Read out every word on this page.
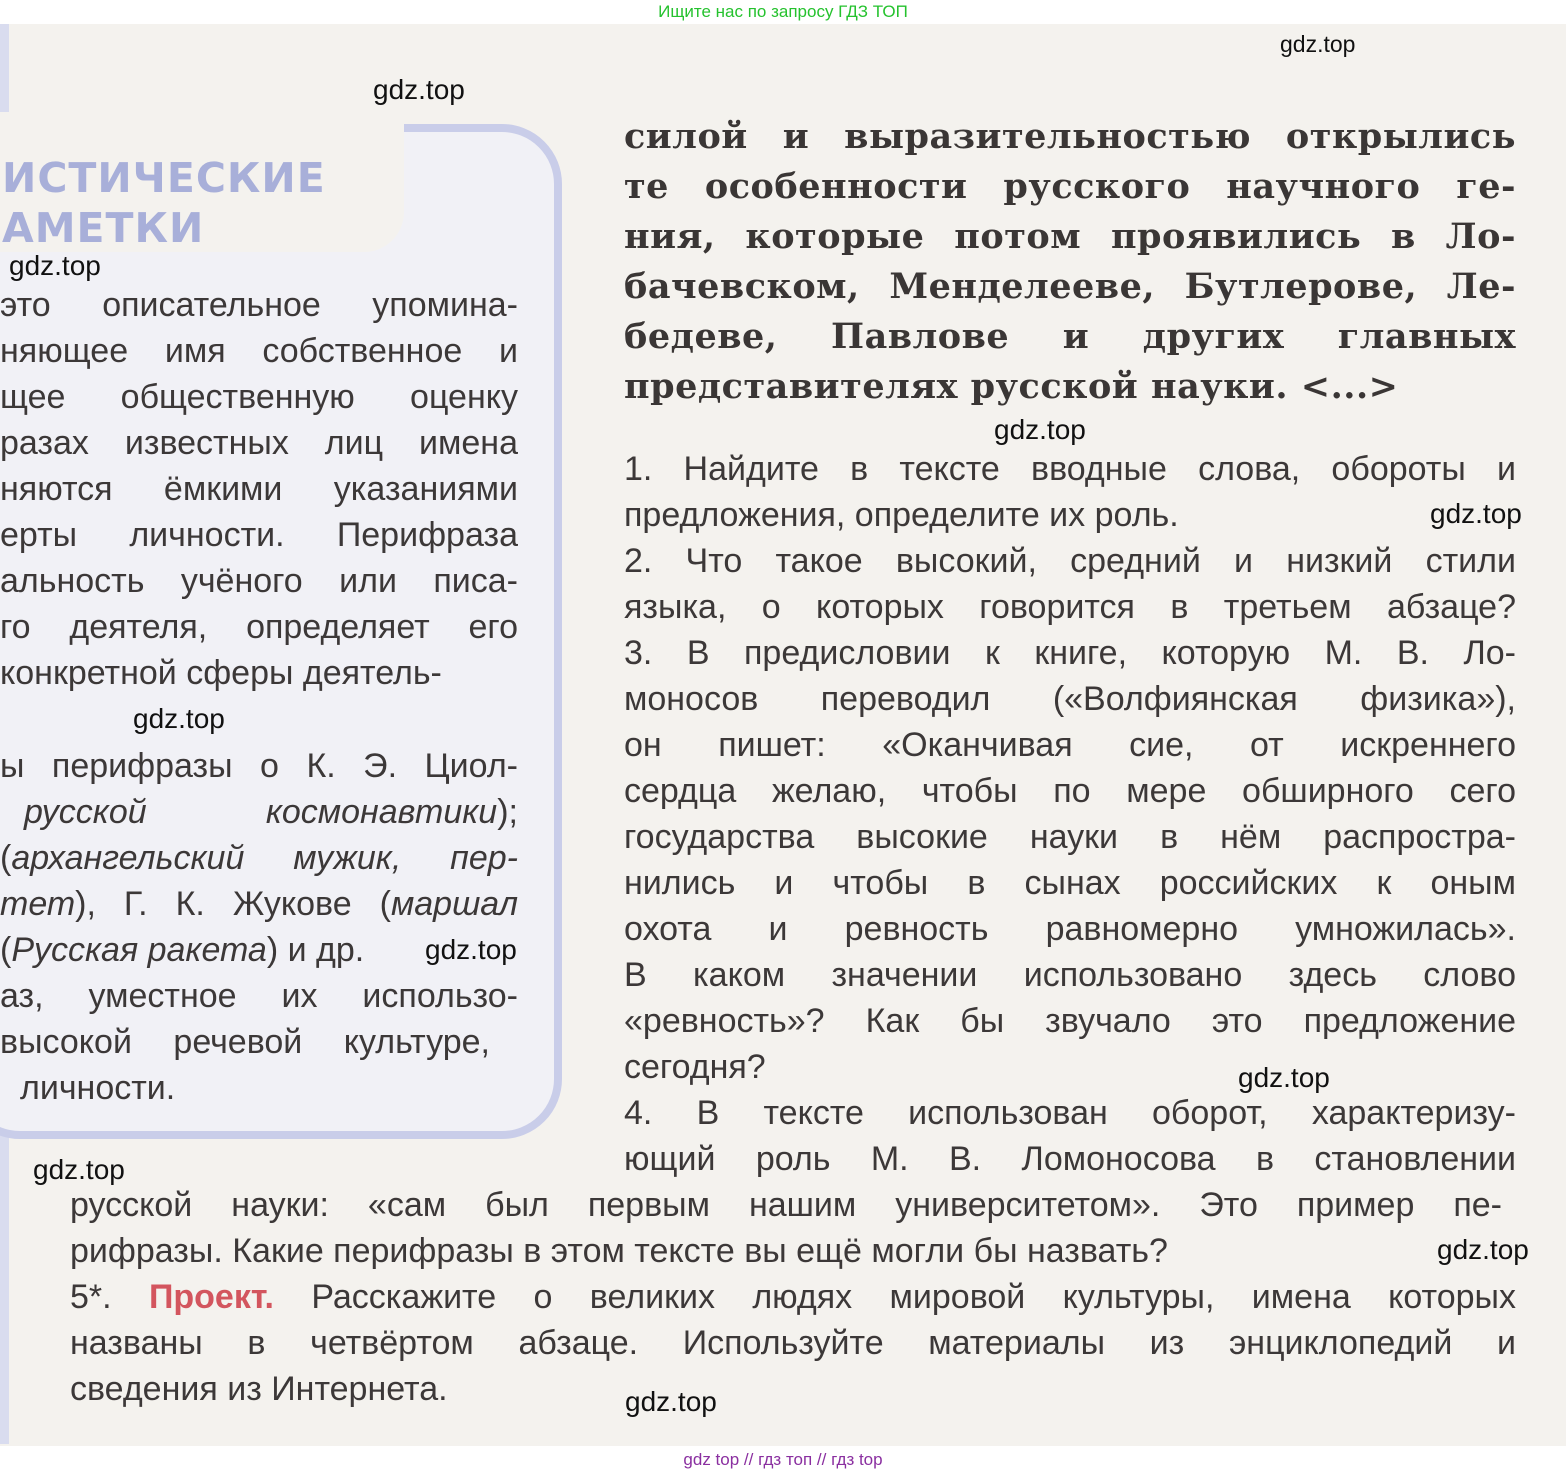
Ищите нас по запросу ГДЗ ТОП
ИСТИЧЕСКИЕ
АМЕТКИ
это описательное упомина-
няющее имя собственное и
щее общественную оценку
разах известных лиц имена
няются ёмкими указаниями
ерты личности. Перифраза
альность учёного или писа-
го деятеля, определяет его
конкретной сферы деятель-
ы перифразы о К. Э. Циол-
русской космонавтики);
(архангельский мужик, пер-
тет), Г. К. Жукове (маршал
(Русская ракета) и др.
аз, уместное их использо-
высокой речевой культуре,
личности.
силой и выразительностью открылись
те особенности русского научного ге-
ния, которые потом проявились в Ло-
бачевском, Менделееве, Бутлерове, Ле-
бедеве, Павлове и других главных
представителях русской науки. <...>
1. Найдите в тексте вводные слова, обороты и
предложения, определите их роль.
2. Что такое высокий, средний и низкий стили
языка, о которых говорится в третьем абзаце?
3. В предисловии к книге, которую М. В. Ло-
моносов переводил («Волфиянская физика»),
он пишет: «Оканчивая сие, от искреннего
сердца желаю, чтобы по мере обширного сего
государства высокие науки в нём распростра-
нились и чтобы в сынах российских к оным
охота и ревность равномерно умножилась».
В каком значении использовано здесь слово
«ревность»? Как бы звучало это предложение
сегодня?
4. В тексте использован оборот, характеризу-
ющий роль М. В. Ломоносова в становлении
русской науки: «сам был первым нашим университетом». Это пример пе-
рифразы. Какие перифразы в этом тексте вы ещё могли бы назвать?
5*. Проект. Расскажите о великих людях мировой культуры, имена которых
названы в четвёртом абзаце. Используйте материалы из энциклопедий и
сведения из Интернета.
gdz.top
gdz.top
gdz.top
gdz.top
gdz.top
gdz.top
gdz.top
gdz.top
gdz.top
gdz.top
gdz.top
gdz top // гдз топ // гдз top
